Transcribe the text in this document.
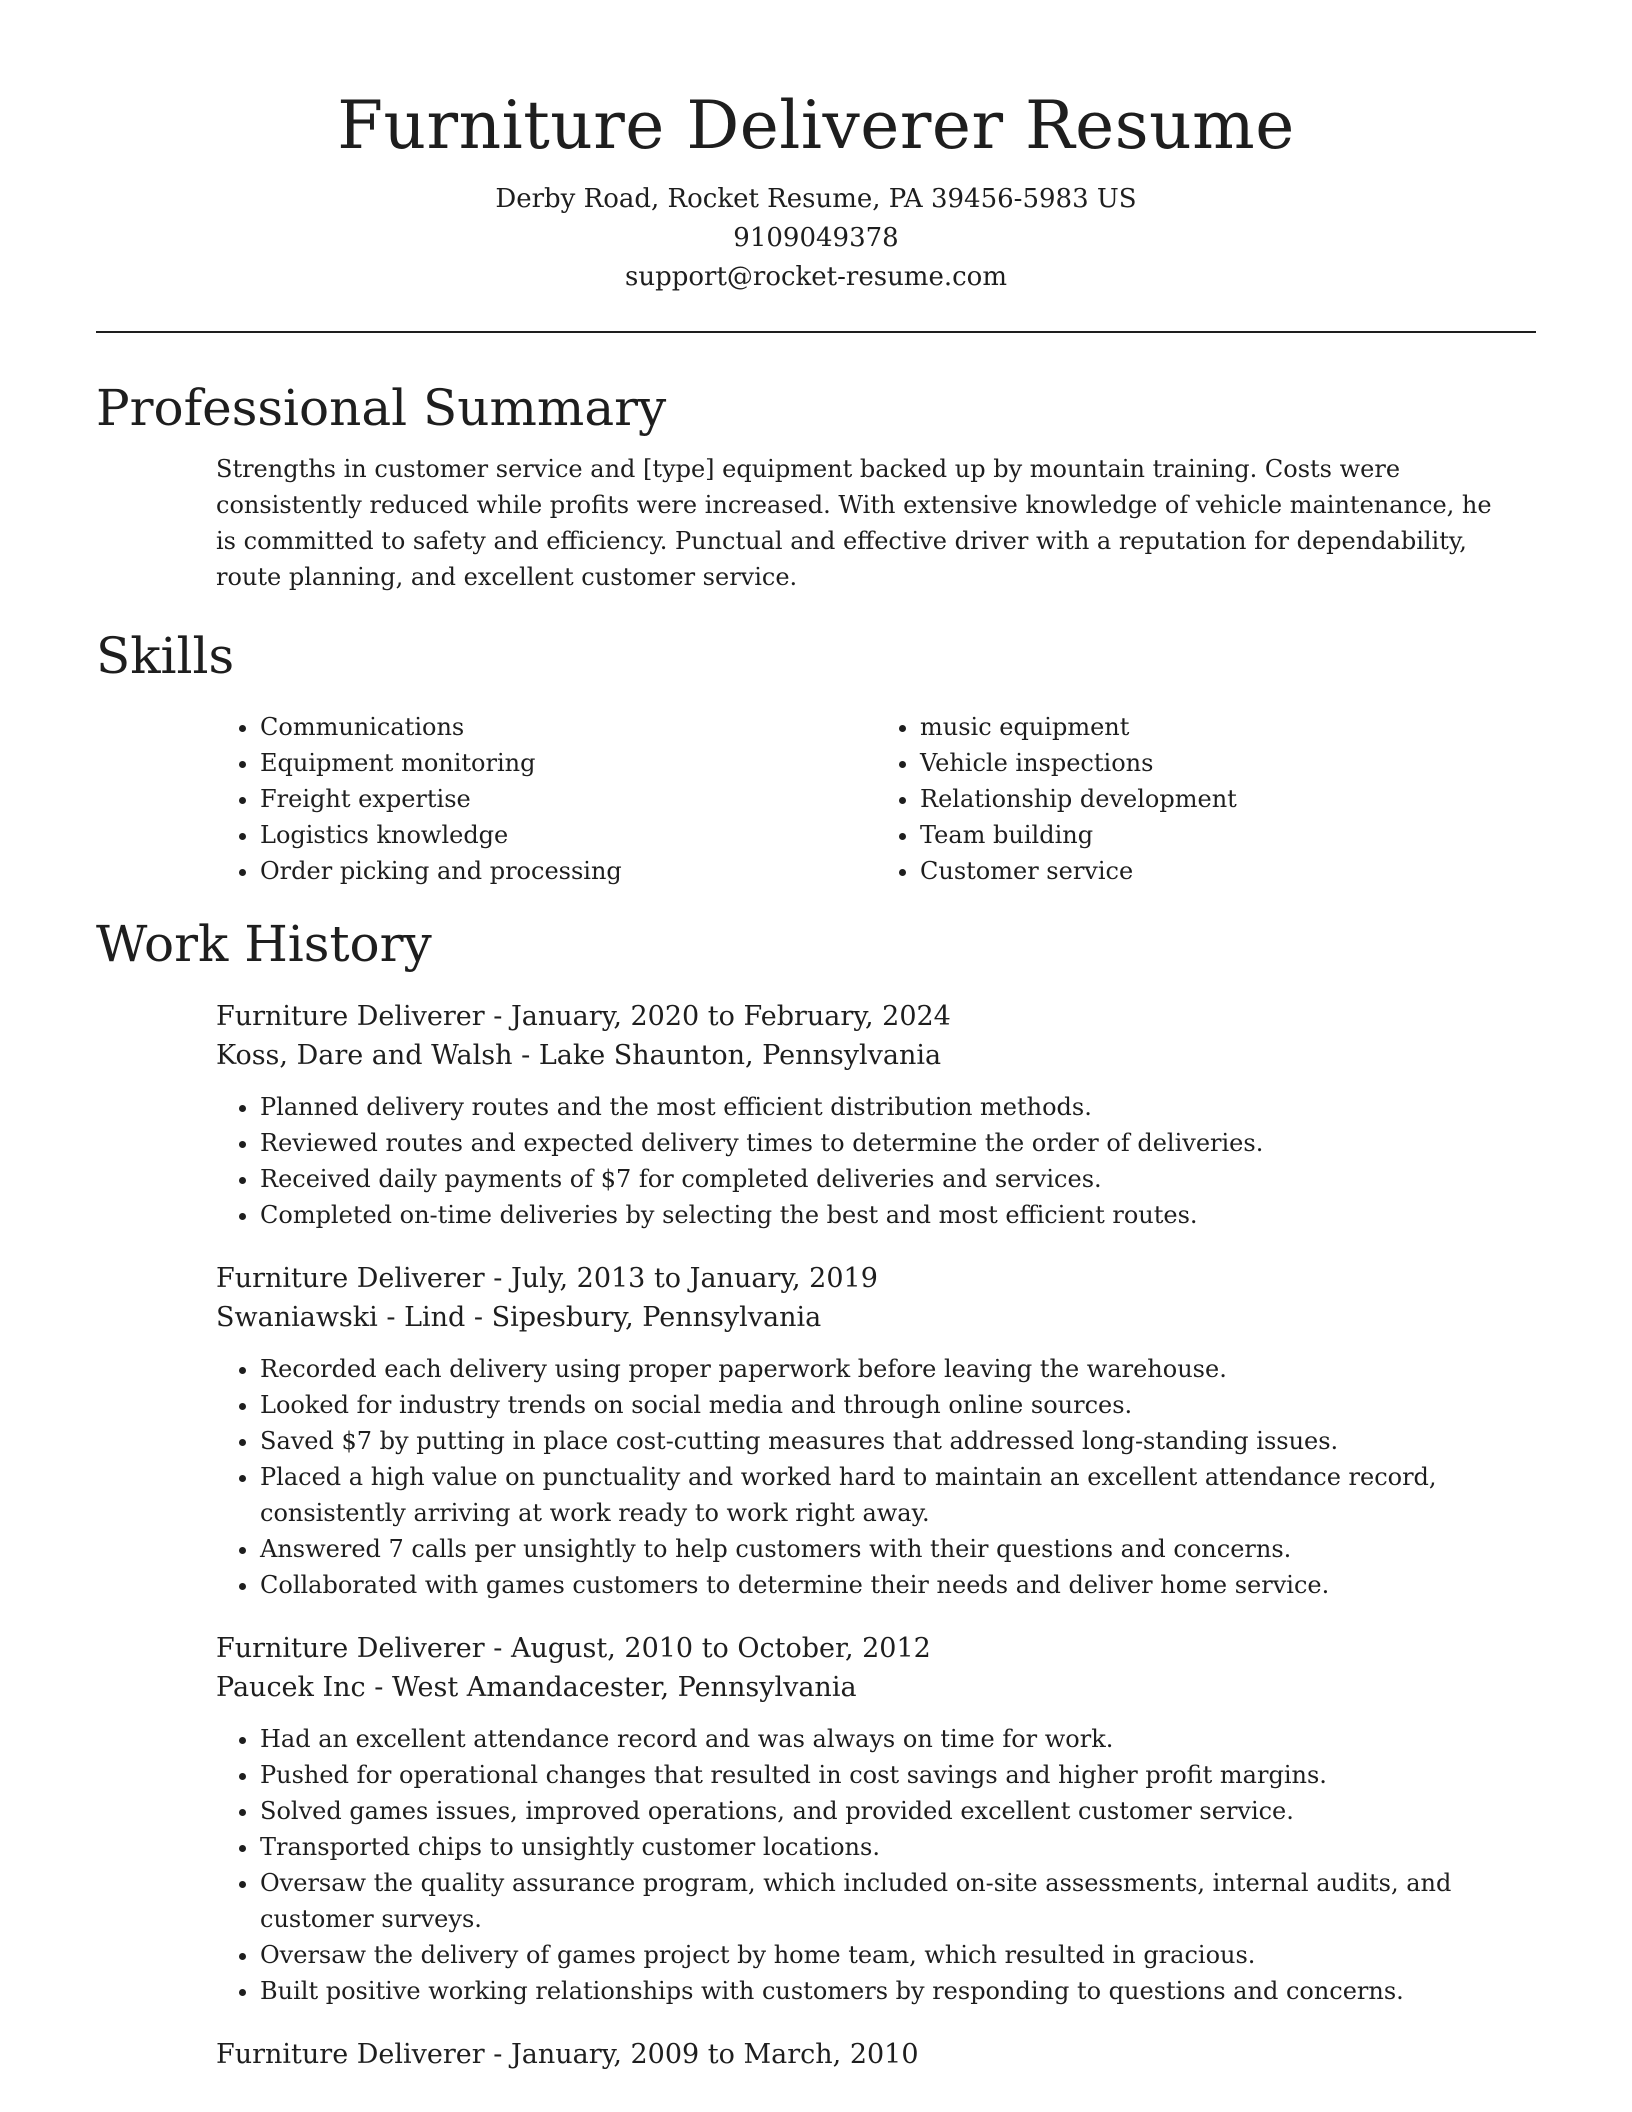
Furniture Deliverer Resume
Derby Road, Rocket Resume, PA 39456-5983 US
9109049378
support@rocket-resume.com
Professional Summary
Strengths in customer service and [type] equipment backed up by mountain training. Costs were consistently reduced while profits were increased. With extensive knowledge of vehicle maintenance, he is committed to safety and efficiency. Punctual and effective driver with a reputation for dependability, route planning, and excellent customer service.
Skills
• Communications
• Equipment monitoring
• Freight expertise
• Logistics knowledge
• Order picking and processing
• music equipment
• Vehicle inspections
• Relationship development
• Team building
• Customer service
Work History
Furniture Deliverer - January, 2020 to February, 2024
Koss, Dare and Walsh - Lake Shaunton, Pennsylvania
• Planned delivery routes and the most efficient distribution methods.
• Reviewed routes and expected delivery times to determine the order of deliveries.
• Received daily payments of $7 for completed deliveries and services.
• Completed on-time deliveries by selecting the best and most efficient routes.
Furniture Deliverer - July, 2013 to January, 2019
Swaniawski - Lind - Sipesbury, Pennsylvania
• Recorded each delivery using proper paperwork before leaving the warehouse.
• Looked for industry trends on social media and through online sources.
• Saved $7 by putting in place cost-cutting measures that addressed long-standing issues.
• Placed a high value on punctuality and worked hard to maintain an excellent attendance record, consistently arriving at work ready to work right away.
• Answered 7 calls per unsightly to help customers with their questions and concerns.
• Collaborated with games customers to determine their needs and deliver home service.
Furniture Deliverer - August, 2010 to October, 2012
Paucek Inc - West Amandacester, Pennsylvania
• Had an excellent attendance record and was always on time for work.
• Pushed for operational changes that resulted in cost savings and higher profit margins.
• Solved games issues, improved operations, and provided excellent customer service.
• Transported chips to unsightly customer locations.
• Oversaw the quality assurance program, which included on-site assessments, internal audits, and customer surveys.
• Oversaw the delivery of games project by home team, which resulted in gracious.
• Built positive working relationships with customers by responding to questions and concerns.
Furniture Deliverer - January, 2009 to March, 2010
